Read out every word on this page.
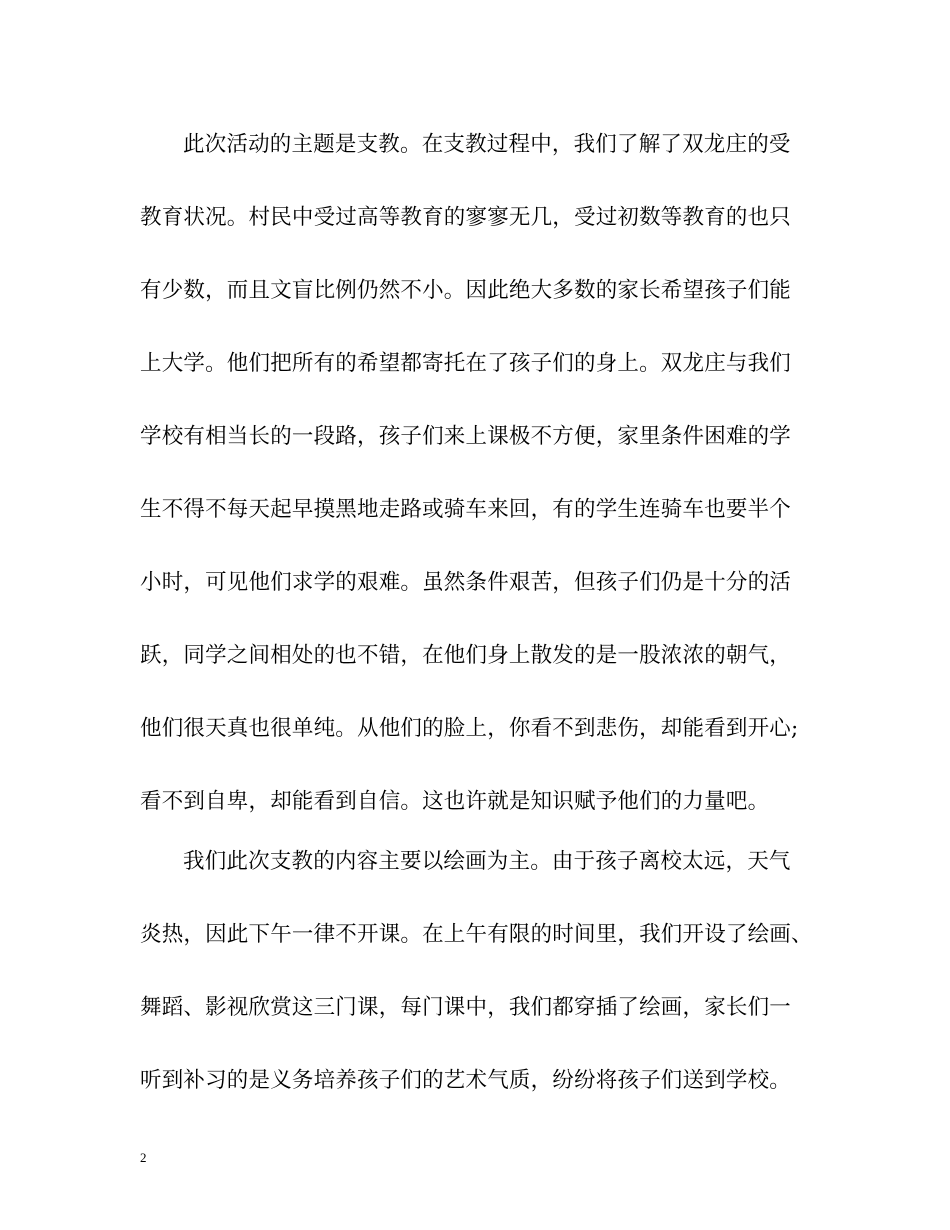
此次活动的主题是支教。在支教过程中，我们了解了双龙庄的受
教育状况。村民中受过高等教育的寥寥无几，受过初数等教育的也只
有少数，而且文盲比例仍然不小。因此绝大多数的家长希望孩子们能
上大学。他们把所有的希望都寄托在了孩子们的身上。双龙庄与我们
学校有相当长的一段路，孩子们来上课极不方便，家里条件困难的学
生不得不每天起早摸黑地走路或骑车来回，有的学生连骑车也要半个
小时，可见他们求学的艰难。虽然条件艰苦，但孩子们仍是十分的活
跃，同学之间相处的也不错，在他们身上散发的是一股浓浓的朝气，
他们很天真也很单纯。从他们的脸上，你看不到悲伤，却能看到开心;
看不到自卑，却能看到自信。这也许就是知识赋予他们的力量吧。
我们此次支教的内容主要以绘画为主。由于孩子离校太远，天气
炎热，因此下午一律不开课。在上午有限的时间里，我们开设了绘画、
舞蹈、影视欣赏这三门课，每门课中，我们都穿插了绘画，家长们一
听到补习的是义务培养孩子们的艺术气质，纷纷将孩子们送到学校。
2
